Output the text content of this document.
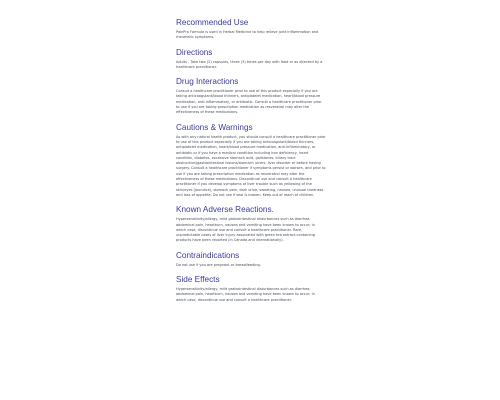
Recommended Use

PainPro Formula is used in Herbal Medicine to help relieve joint inflammation and rheumatic symptoms.

Directions

Adults - Take two (2) capsules, three (3) times per day with food or as directed by a healthcare practitioner.

Drug Interactions

Consult a healthcare practitioner prior to use of this product especially if you are taking anticoagulant/blood thinners, antiplatelet medication, heart/blood pressure medication, anti-inflammatory, or antibiotic. Consult a healthcare practitioner prior to use if you are taking prescription medication as resveratrol may alter the effectiveness of these medications.

Cautions & Warnings

As with any natural health product, you should consult a healthcare practitioner prior to use of this product especially if you are taking anticoagulant/blood thinners, antiplatelet medication, heart/blood pressure medication, anti-inflammatory, or antibiotic or if you have a medical condition including iron deficiency, heart condition, diabetes, excessive stomach acid, gallstones, biliary tract obstruction/gastrointestinal lesions/stomach ulcers, liver disorder or before having surgery. Consult a healthcare practitioner if symptoms persist or worsen, and prior to use if you are taking prescription medication as resveratrol may alter the effectiveness of these medications. Discontinue use and consult a healthcare practitioner if you develop symptoms of liver trouble such as yellowing of the skin/eyes (jaundice), stomach pain, dark urine, sweating, nausea, unusual tiredness and loss of appetite. Do not use if seal is broken. Keep out of reach of children.

Known Adverse Reactions.

Hypersensitivity/allergy, mild gastrointestinal disturbances such as diarrhea, abdominal pain, heartburn, nausea and vomiting have been known to occur; in which case, discontinue use and consult a healthcare practitioner. Rare, unpredictable cases of liver injury associated with green tea extract-containing products have been reported (in Canada and internationally).

Contraindications

Do not use if you are pregnant or breastfeeding.

Side Effects

Hypersensitivity/allergy, mild gastrointestinal disturbances such as diarrhea, abdominal pain, heartburn, nausea and vomiting have been known to occur; in which case, discontinue use and consult a healthcare practitioner.
